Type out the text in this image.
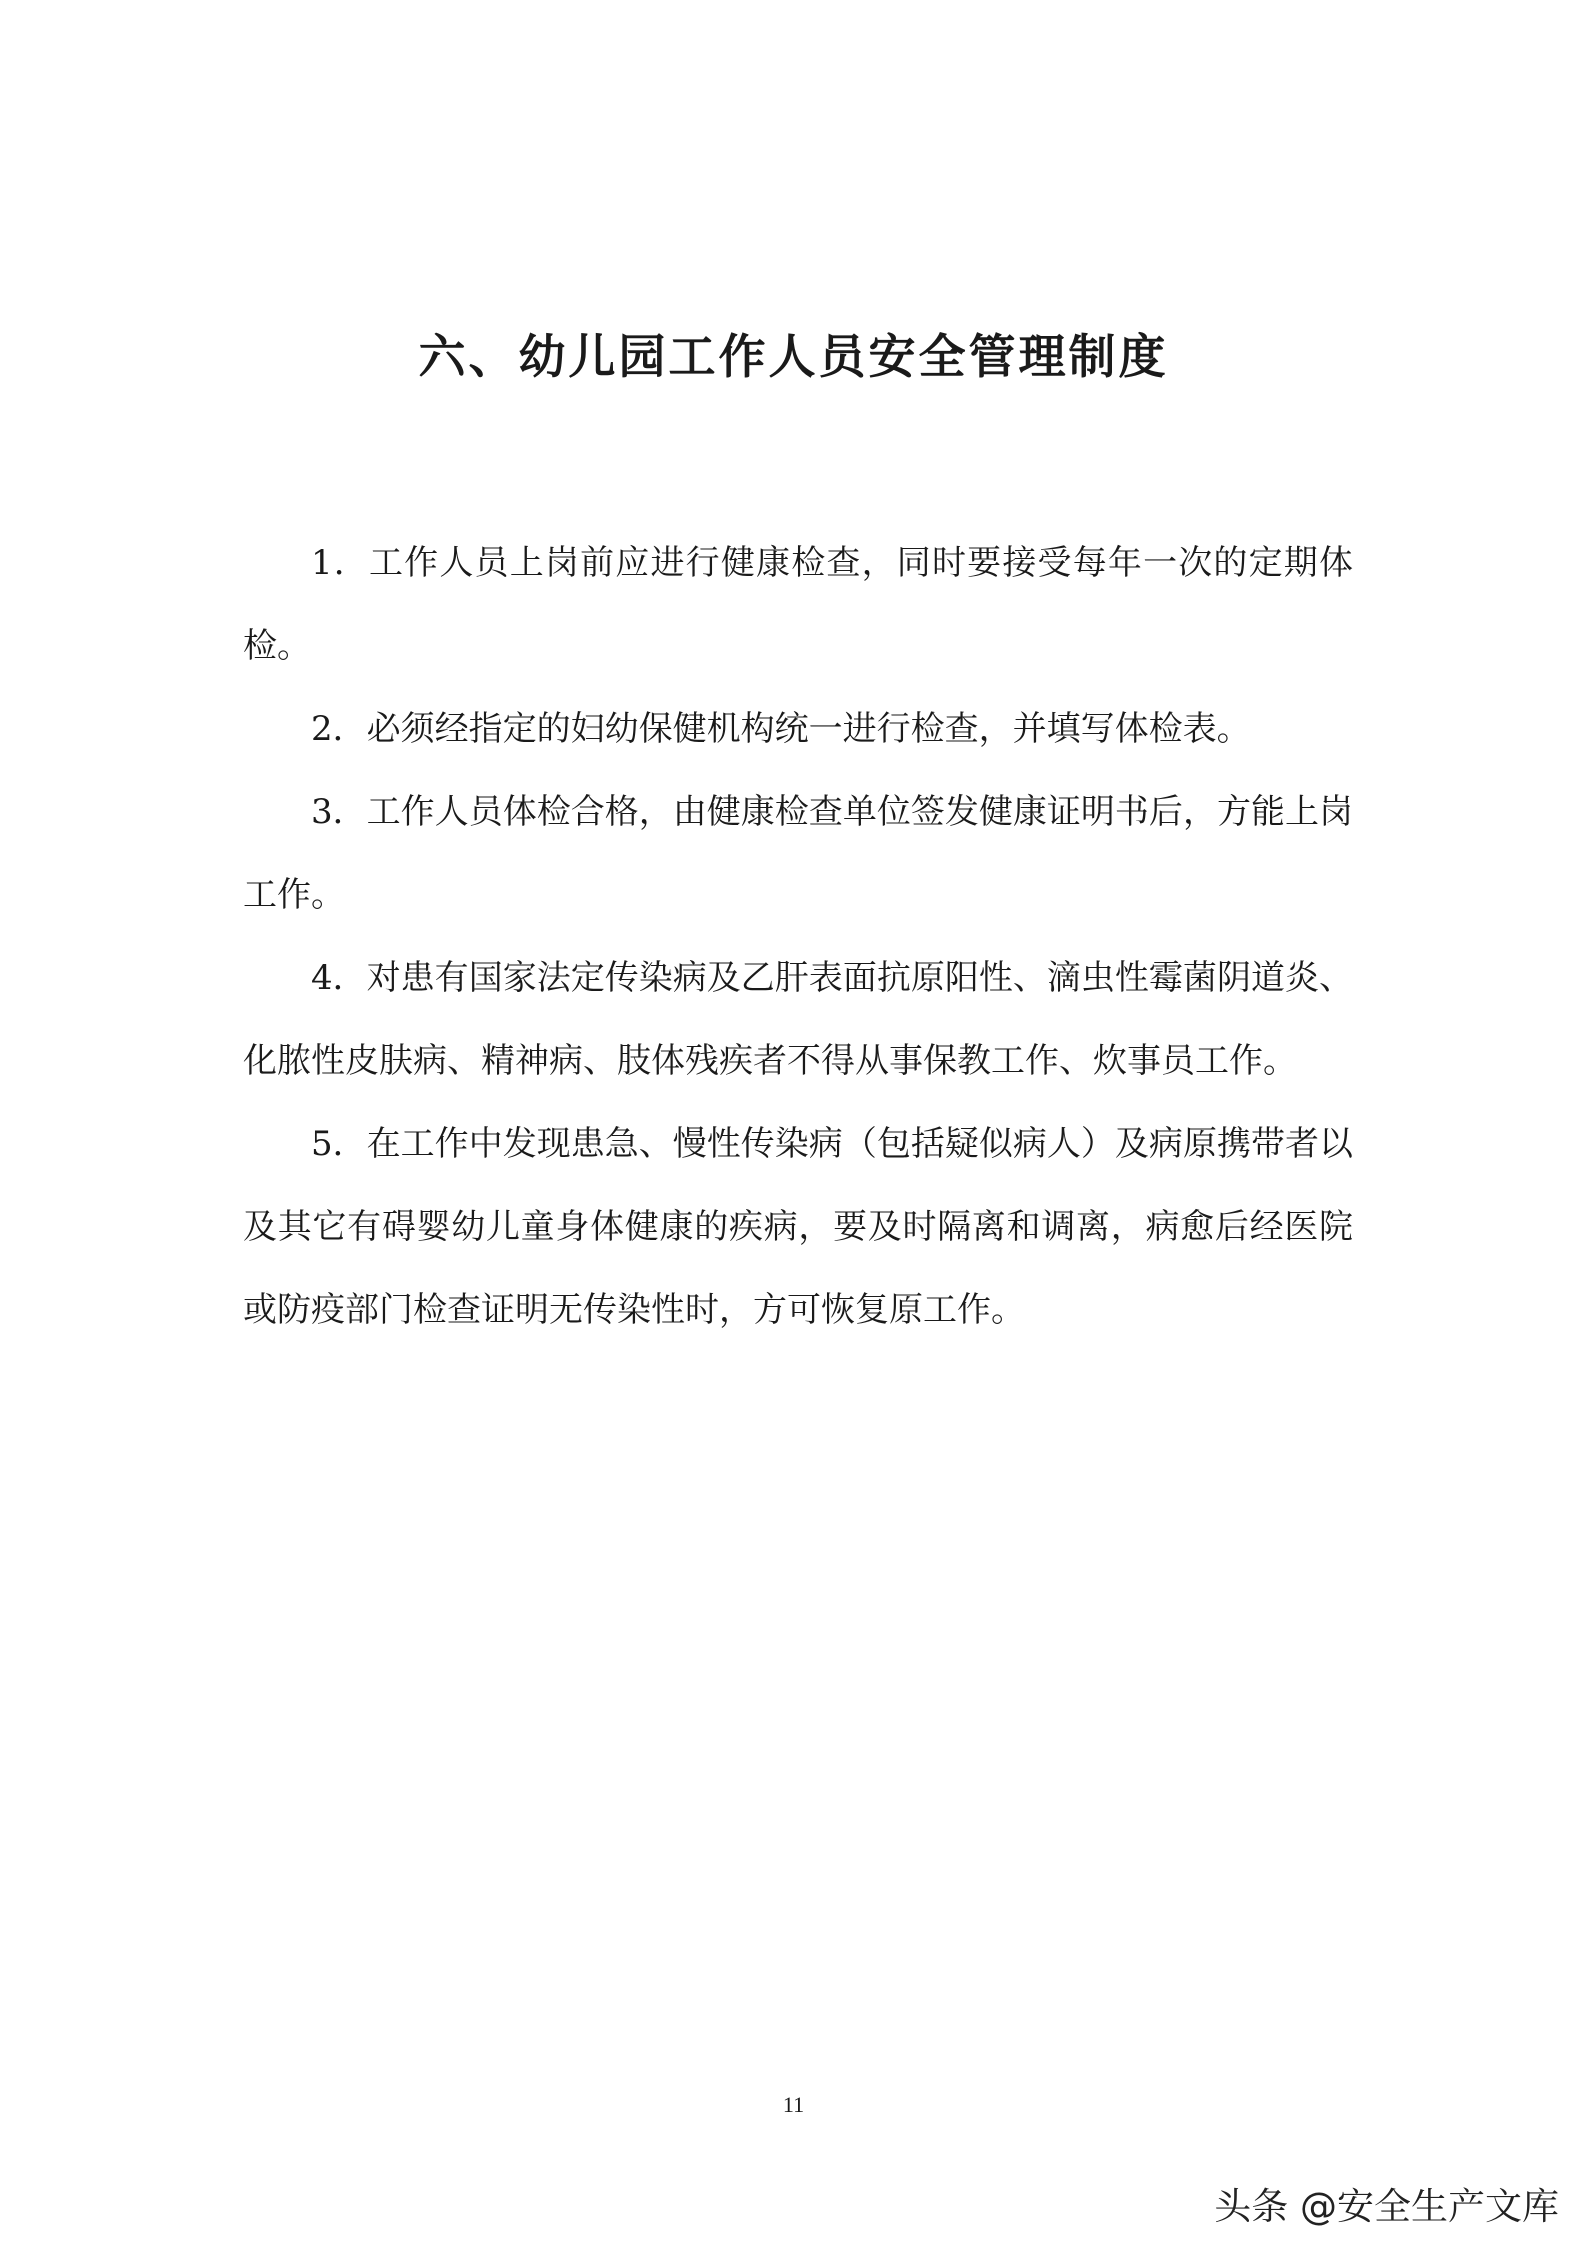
六、幼儿园工作人员安全管理制度

1．工作人员上岗前应进行健康检查，同时要接受每年一次的定期体检。

2．必须经指定的妇幼保健机构统一进行检查，并填写体检表。

3．工作人员体检合格，由健康检查单位签发健康证明书后，方能上岗工作。

4．对患有国家法定传染病及乙肝表面抗原阳性、滴虫性霉菌阴道炎、化脓性皮肤病、精神病、肢体残疾者不得从事保教工作、炊事员工作。

5．在工作中发现患急、慢性传染病（包括疑似病人）及病原携带者以及其它有碍婴幼儿童身体健康的疾病，要及时隔离和调离，病愈后经医院或防疫部门检查证明无传染性时，方可恢复原工作。

11
头条 @安全生产文库
